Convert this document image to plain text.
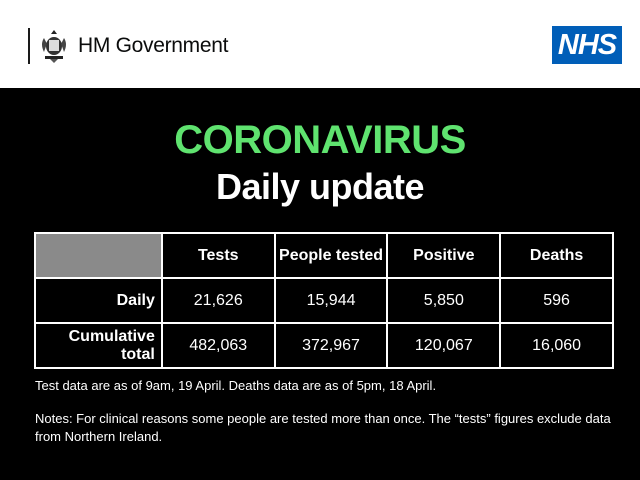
HM Government	NHS
CORONAVIRUS
Daily update
	Tests	People tested	Positive	Deaths
Daily	21,626	15,944	5,850	596
Cumulative total	482,063	372,967	120,067	16,060
Test data are as of 9am, 19 April. Deaths data are as of 5pm, 18 April.
Notes: For clinical reasons some people are tested more than once. The “tests” figures exclude data from Northern Ireland.
